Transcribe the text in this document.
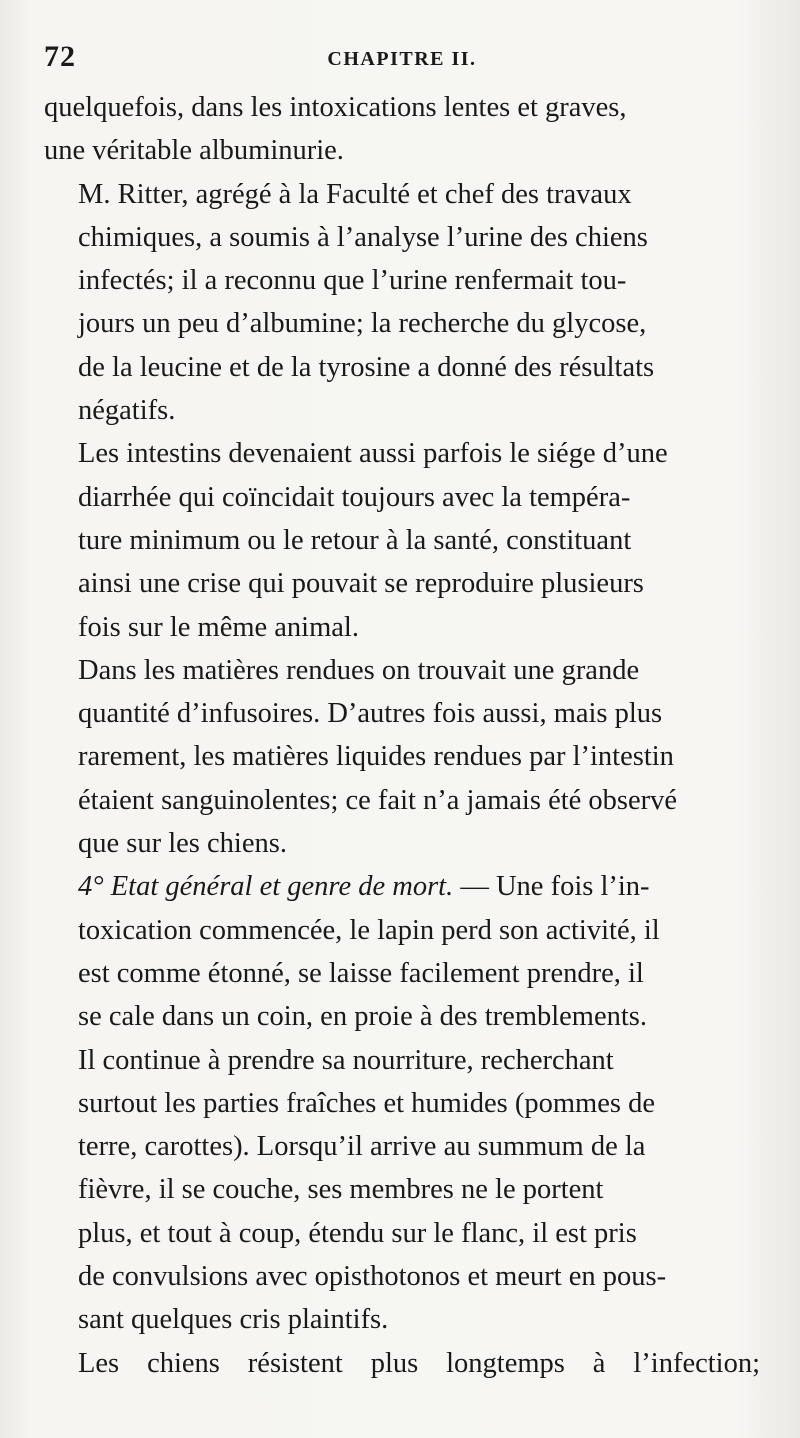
72	CHAPITRE II.

quelquefois, dans les intoxications lentes et graves,
une véritable albuminurie.

M. Ritter, agrégé à la Faculté et chef des travaux
chimiques, a soumis à l’analyse l’urine des chiens
infectés; il a reconnu que l’urine renfermait tou-
jours un peu d’albumine; la recherche du glycose,
de la leucine et de la tyrosine a donné des résultats
négatifs.

Les intestins devenaient aussi parfois le siége d’une
diarrhée qui coïncidait toujours avec la tempéra-
ture minimum ou le retour à la santé, constituant
ainsi une crise qui pouvait se reproduire plusieurs
fois sur le même animal.

Dans les matières rendues on trouvait une grande
quantité d’infusoires. D’autres fois aussi, mais plus
rarement, les matières liquides rendues par l’intestin
étaient sanguinolentes; ce fait n’a jamais été observé
que sur les chiens.

4° Etat général et genre de mort. — Une fois l’in-
toxication commencée, le lapin perd son activité, il
est comme étonné, se laisse facilement prendre, il
se cale dans un coin, en proie à des tremblements.
Il continue à prendre sa nourriture, recherchant
surtout les parties fraîches et humides (pommes de
terre, carottes). Lorsqu’il arrive au summum de la
fièvre, il se couche, ses membres ne le portent
plus, et tout à coup, étendu sur le flanc, il est pris
de convulsions avec opisthotonos et meurt en pous-
sant quelques cris plaintifs.

Les chiens résistent plus longtemps à l’infection;
